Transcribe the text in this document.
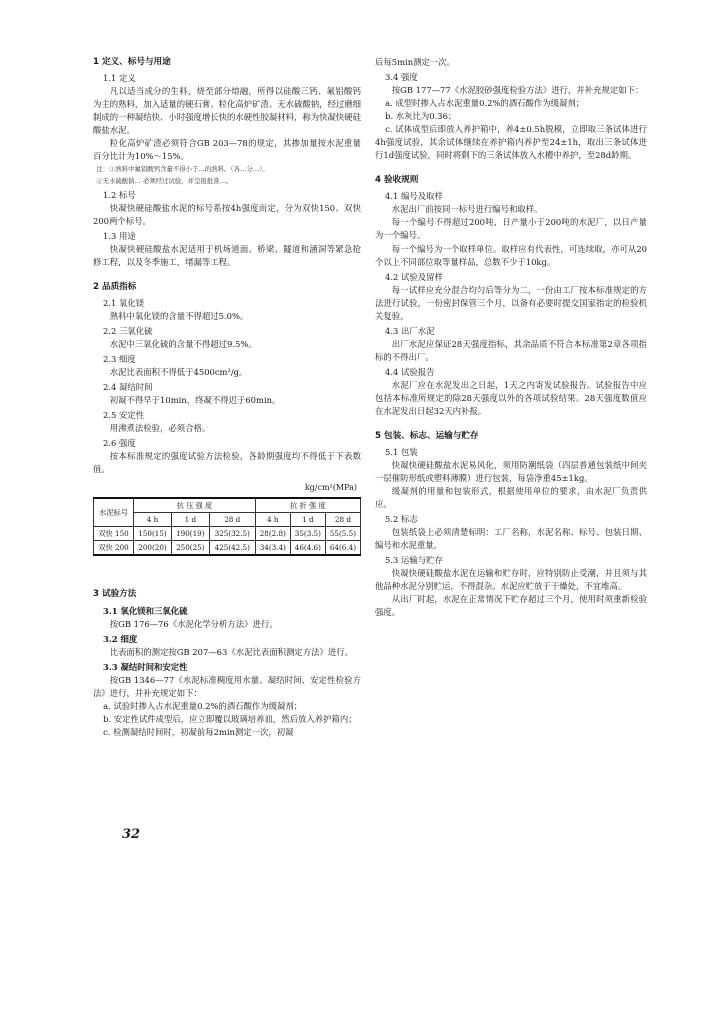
1 定义、标号与用途
1.1 定义

凡以适当成分的生料，烧至部分熔融，所得以硅酸三钙、氟铝酸钙为主的熟料，加入适量的硬石膏、粒化高炉矿渣、无水硫酸钠，经过磨细制成的一种凝结快、小时强度增长快的水硬性胶凝材料，称为快凝快硬硅酸盐水泥。

粒化高炉矿渣必须符合GB 203—78的规定，其掺加量按水泥重量百分比计为10%～15%。

注：①熟料中氟铝酸钙含量不得小于…的熟料。（各…分…）。
②无水硫酸钠… 必须经过试验，并呈报批准…。
1.2 标号

快凝快硬硅酸盐水泥的标号系按4h强度而定，分为双快150、双快200两个标号。

1.3 用途

快凝快硬硅酸盐水泥适用于机场道面、桥梁、隧道和涵洞等紧急抢修工程，以及冬季施工，堵漏等工程。

2 品质指标
2.1 氧化镁

熟料中氧化镁的含量不得超过5.0%。

2.2 三氧化硫

水泥中三氧化硫的含量不得超过9.5%。

2.3 细度

水泥比表面积不得低于4500cm²/g。

2.4 凝结时间

初凝不得早于10min，终凝不得迟于60min。

2.5 安定性

用沸煮法检验，必须合格。

2.6 强度

按本标准规定的强度试验方法检验，各龄期强度均不得低于下表数值。

kg/cm²(MPa)
水泥标号	抗 压 强 度			抗 折 强 度		
	4 h	1 d	28 d	4 h	1 d	28 d
双快 150	150(15)	190(19)	325(32.5)	28(2.8)	35(3.5)	55(5.5)
双快 200	200(20)	250(25)	425(42.5)	34(3.4)	46(4.6)	64(6.4)
3 试验方法
3.1 氧化镁和三氧化硫

按GB 176—76《水泥化学分析方法》进行。

3.2 细度

比表面积的测定按GB 207—63《水泥比表面积测定方法》进行。

3.3 凝结时间和安定性

按GB 1346—77《水泥标准稠度用水量、凝结时间、安定性检验方法》进行，并补充规定如下：

a. 试验时掺入占水泥重量0.2%的酒石酸作为缓凝剂；

b. 安定性试件成型后，应立即覆以玻璃培养皿，然后放入养护箱内；

c. 检测凝结时间时，初凝前每2min测定一次，初凝

后每5min测定一次。

3.4 强度

按GB 177—77《水泥胶砂强度检验方法》进行，并补充规定如下：

a. 成型时掺入占水泥重量0.2%的酒石酸作为缓凝剂；

b. 水灰比为0.36；

c. 试体成型后即放入养护箱中，养4±0.5h脱模，立即取三条试体进行4h强度试验，其余试体继续在养护箱内养护至24±1h，取出三条试体进行1d强度试验，同时将剩下的三条试体放入水槽中养护，至28d龄期。

4 验收规则
4.1 编号及取样

水泥出厂前按同一标号进行编号和取样。

每一个编号不得超过200吨，日产量小于200吨的水泥厂，以日产量为一个编号。

每一个编号为一个取样单位。取样应有代表性，可连续取，亦可从20个以上不同部位取等量样品，总数不少于10kg。

4.2 试验及留样

每一试样应充分混合均匀后等分为二，一份由工厂按本标准规定的方法进行试验，一份密封保管三个月，以备有必要时提交国家指定的检验机关复验。

4.3 出厂水泥

出厂水泥应保证28天强度指标，其余品质不符合本标准第2章各项指标的不得出厂。

4.4 试验报告

水泥厂应在水泥发出之日起，1天之内寄发试验报告。试验报告中应包括本标准所规定的除28天强度以外的各项试验结果。28天强度数值应在水泥发出日起32天内补报。

5 包装、标志、运输与贮存
5.1 包装

快凝快硬硅酸盐水泥易风化，须用防潮纸袋（四层普通包装纸中间夹一层催防形纸或塑料薄膜）进行包装，每袋净重45±1kg。

缓凝剂的用量和包装形式，根据使用单位的要求，由水泥厂负责供应。

5.2 标志

包装纸袋上必须清楚标明：工厂名称，水泥名称、标号、包装日期、编号和水泥重量。

5.3 运输与贮存

快凝快硬硅酸盐水泥在运输和贮存时，应特别防止受潮，并且须与其他品种水泥分别贮运，不得混杂。水泥应贮放于干燥处，不宜堆高。

从出厂时起，水泥在正常情况下贮存超过三个月，使用时须重新检验强度。

32
